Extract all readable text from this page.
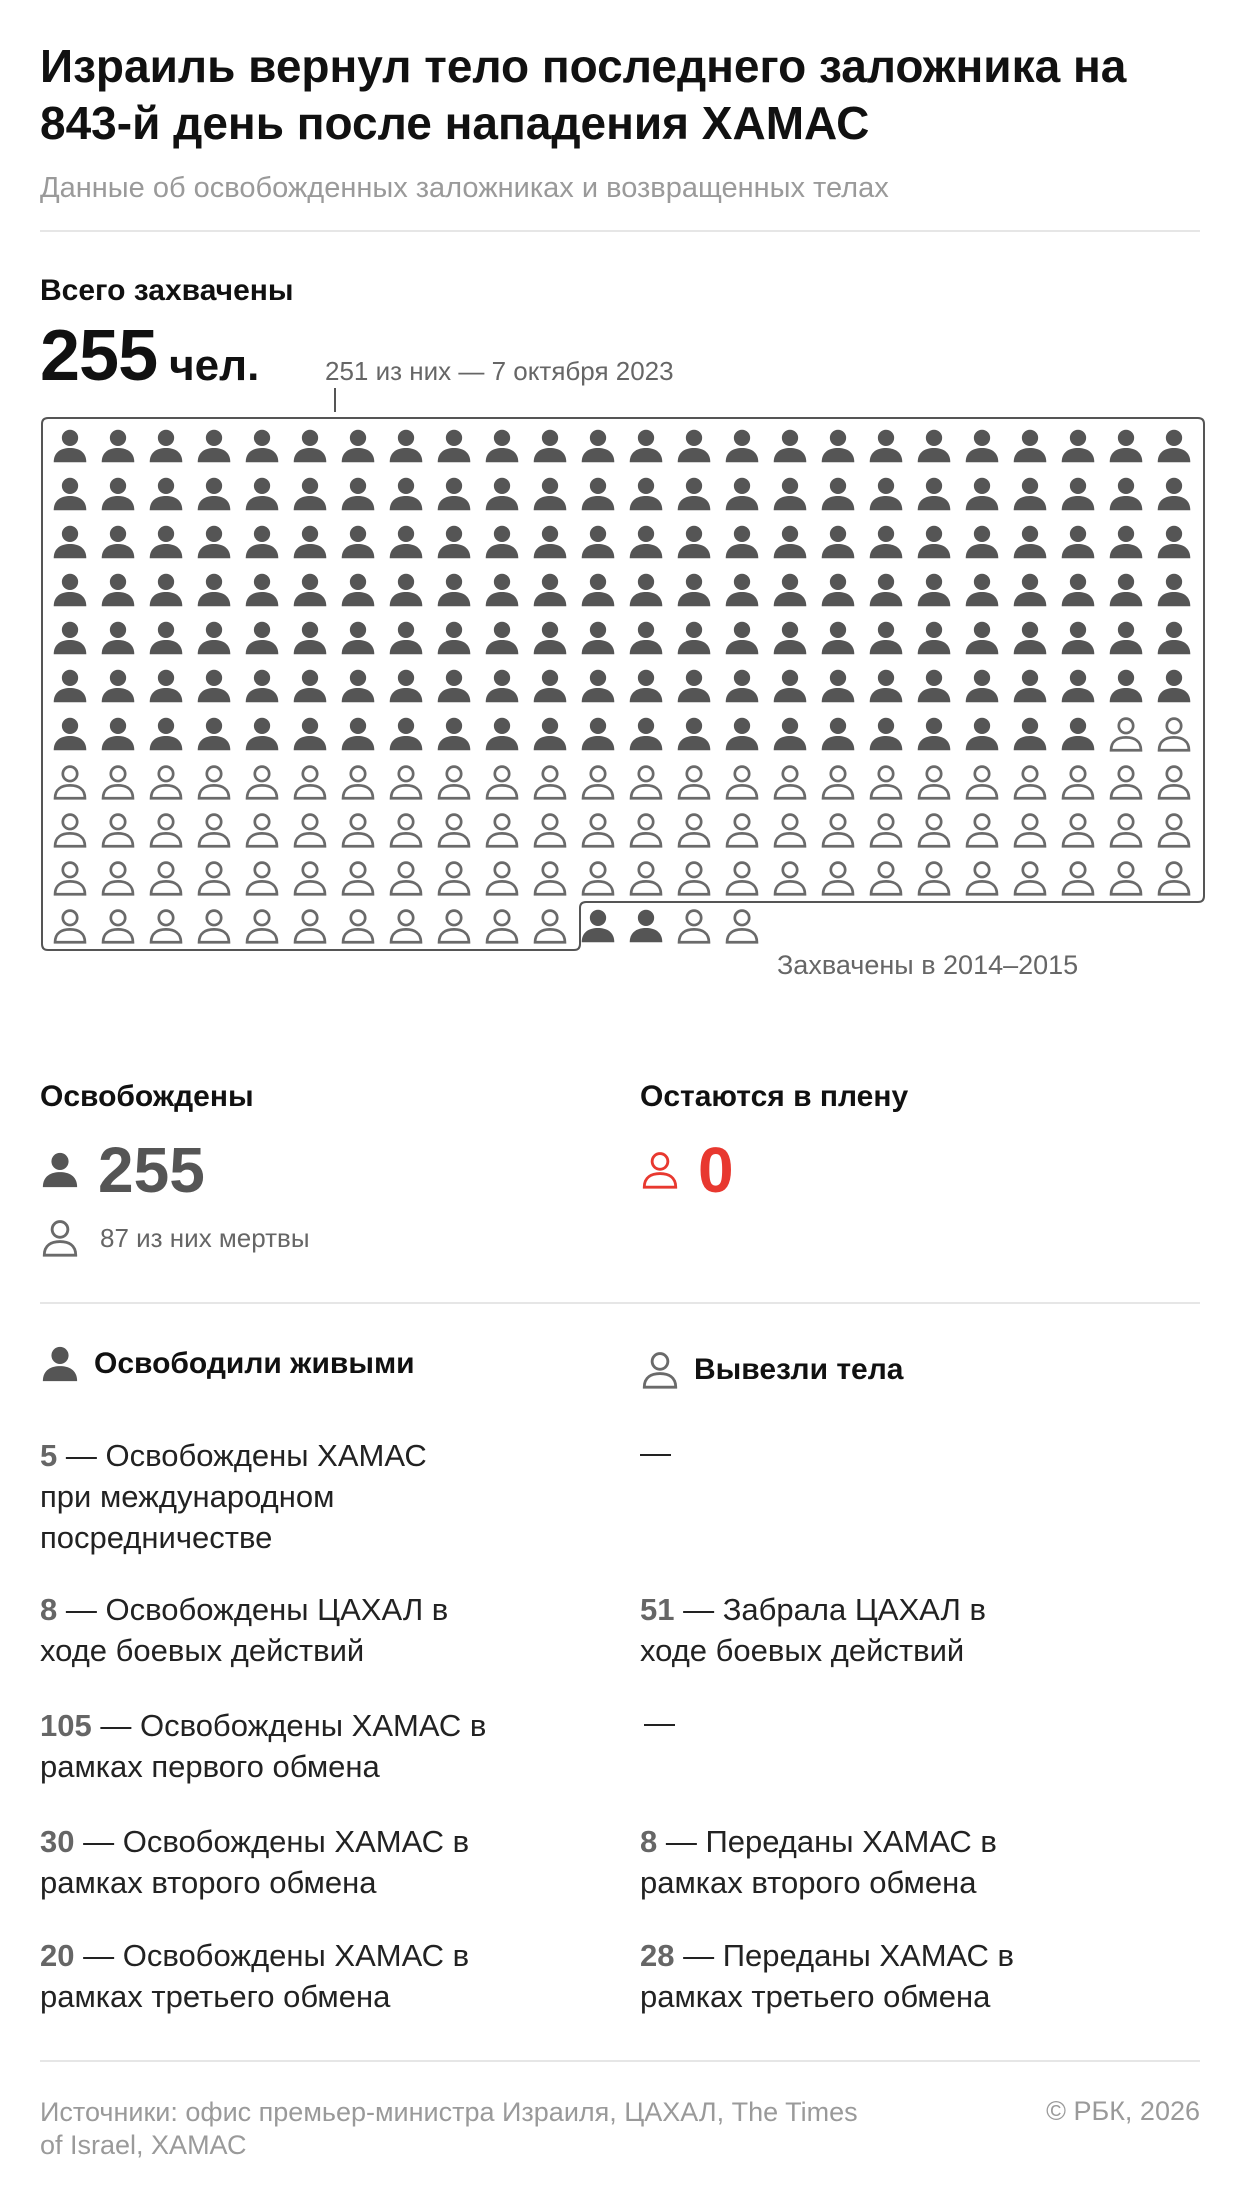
Израиль вернул тело последнего заложника на 843-й день после нападения ХАМАС
Данные об освобожденных заложниках и возвращенных телах
Всего захвачены
255 чел.	251 из них — 7 октября 2023
Захвачены в 2014–2015
Освобождены
255
87 из них мертвы
Остаются в плену
0
Освободили живыми	Вывезли тела
5 — Освобождены ХАМАС при международном посредничестве
8 — Освобождены ЦАХАЛ в ходе боевых действий
105 — Освобождены ХАМАС в рамках первого обмена
30 — Освобождены ХАМАС в рамках второго обмена
20 — Освобождены ХАМАС в рамках третьего обмена
—
51 — Забрала ЦАХАЛ в ходе боевых действий
—
8 — Переданы ХАМАС в рамках второго обмена
28 — Переданы ХАМАС в рамках третьего обмена
Источники: офис премьер-министра Израиля, ЦАХАЛ, The Times of Israel, ХАМАС
© РБК, 2026
